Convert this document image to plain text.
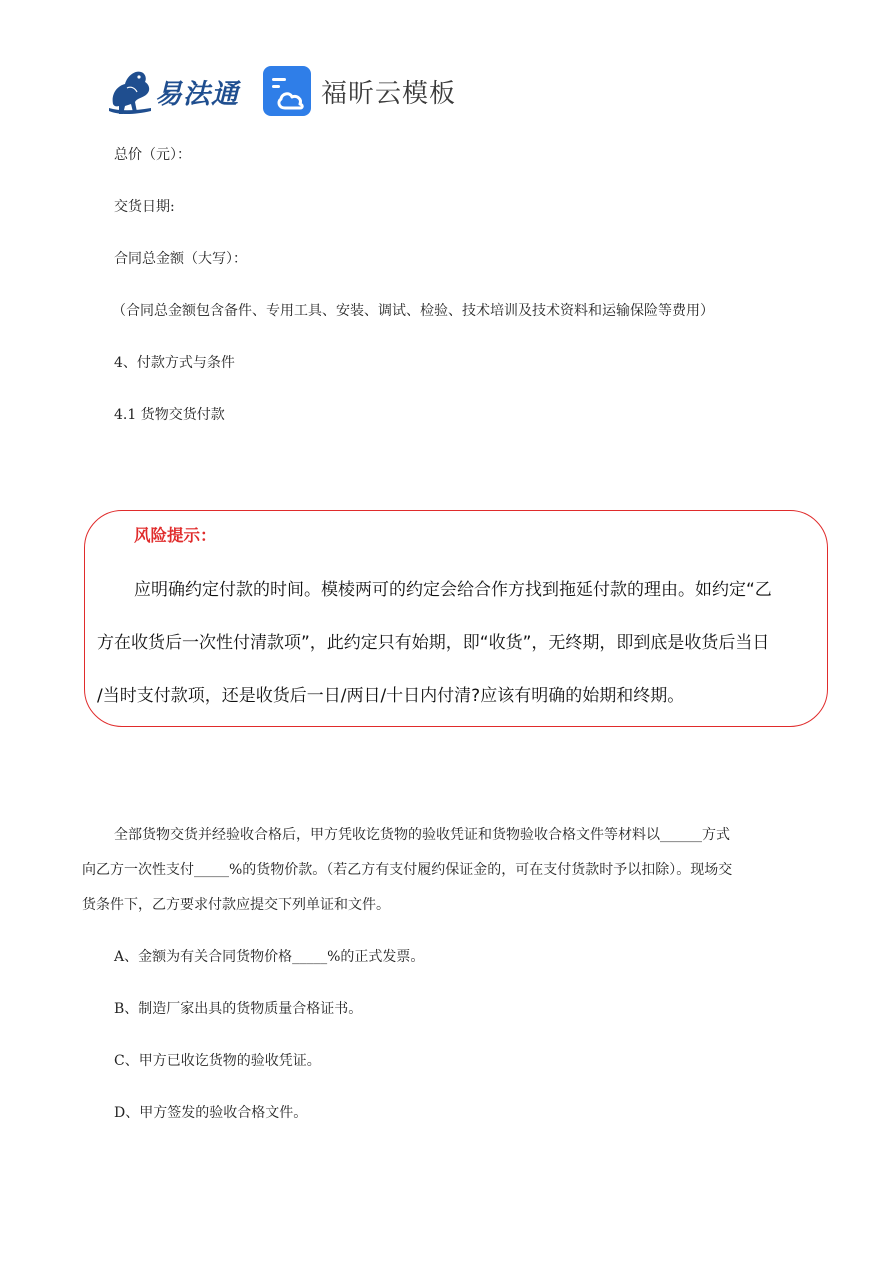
易法通	福昕云模板
总价（元）：
交货日期:
合同总金额（大写）：
（合同总金额包含备件、专用工具、安装、调试、检验、技术培训及技术资料和运输保险等费用）
4、付款方式与条件
4.1 货物交货付款
风险提示：
应明确约定付款的时间。模棱两可的约定会给合作方找到拖延付款的理由。如约定“乙
方在收货后一次性付清款项”，此约定只有始期，即“收货”，无终期，即到底是收货后当日
/当时支付款项，还是收货后一日/两日/十日内付清?应该有明确的始期和终期。
全部货物交货并经验收合格后，甲方凭收讫货物的验收凭证和货物验收合格文件等材料以______方式
向乙方一次性支付_____%的货物价款。（若乙方有支付履约保证金的，可在支付货款时予以扣除）。现场交
货条件下，乙方要求付款应提交下列单证和文件。
A、金额为有关合同货物价格_____%的正式发票。
B、制造厂家出具的货物质量合格证书。
C、甲方已收讫货物的验收凭证。
D、甲方签发的验收合格文件。
